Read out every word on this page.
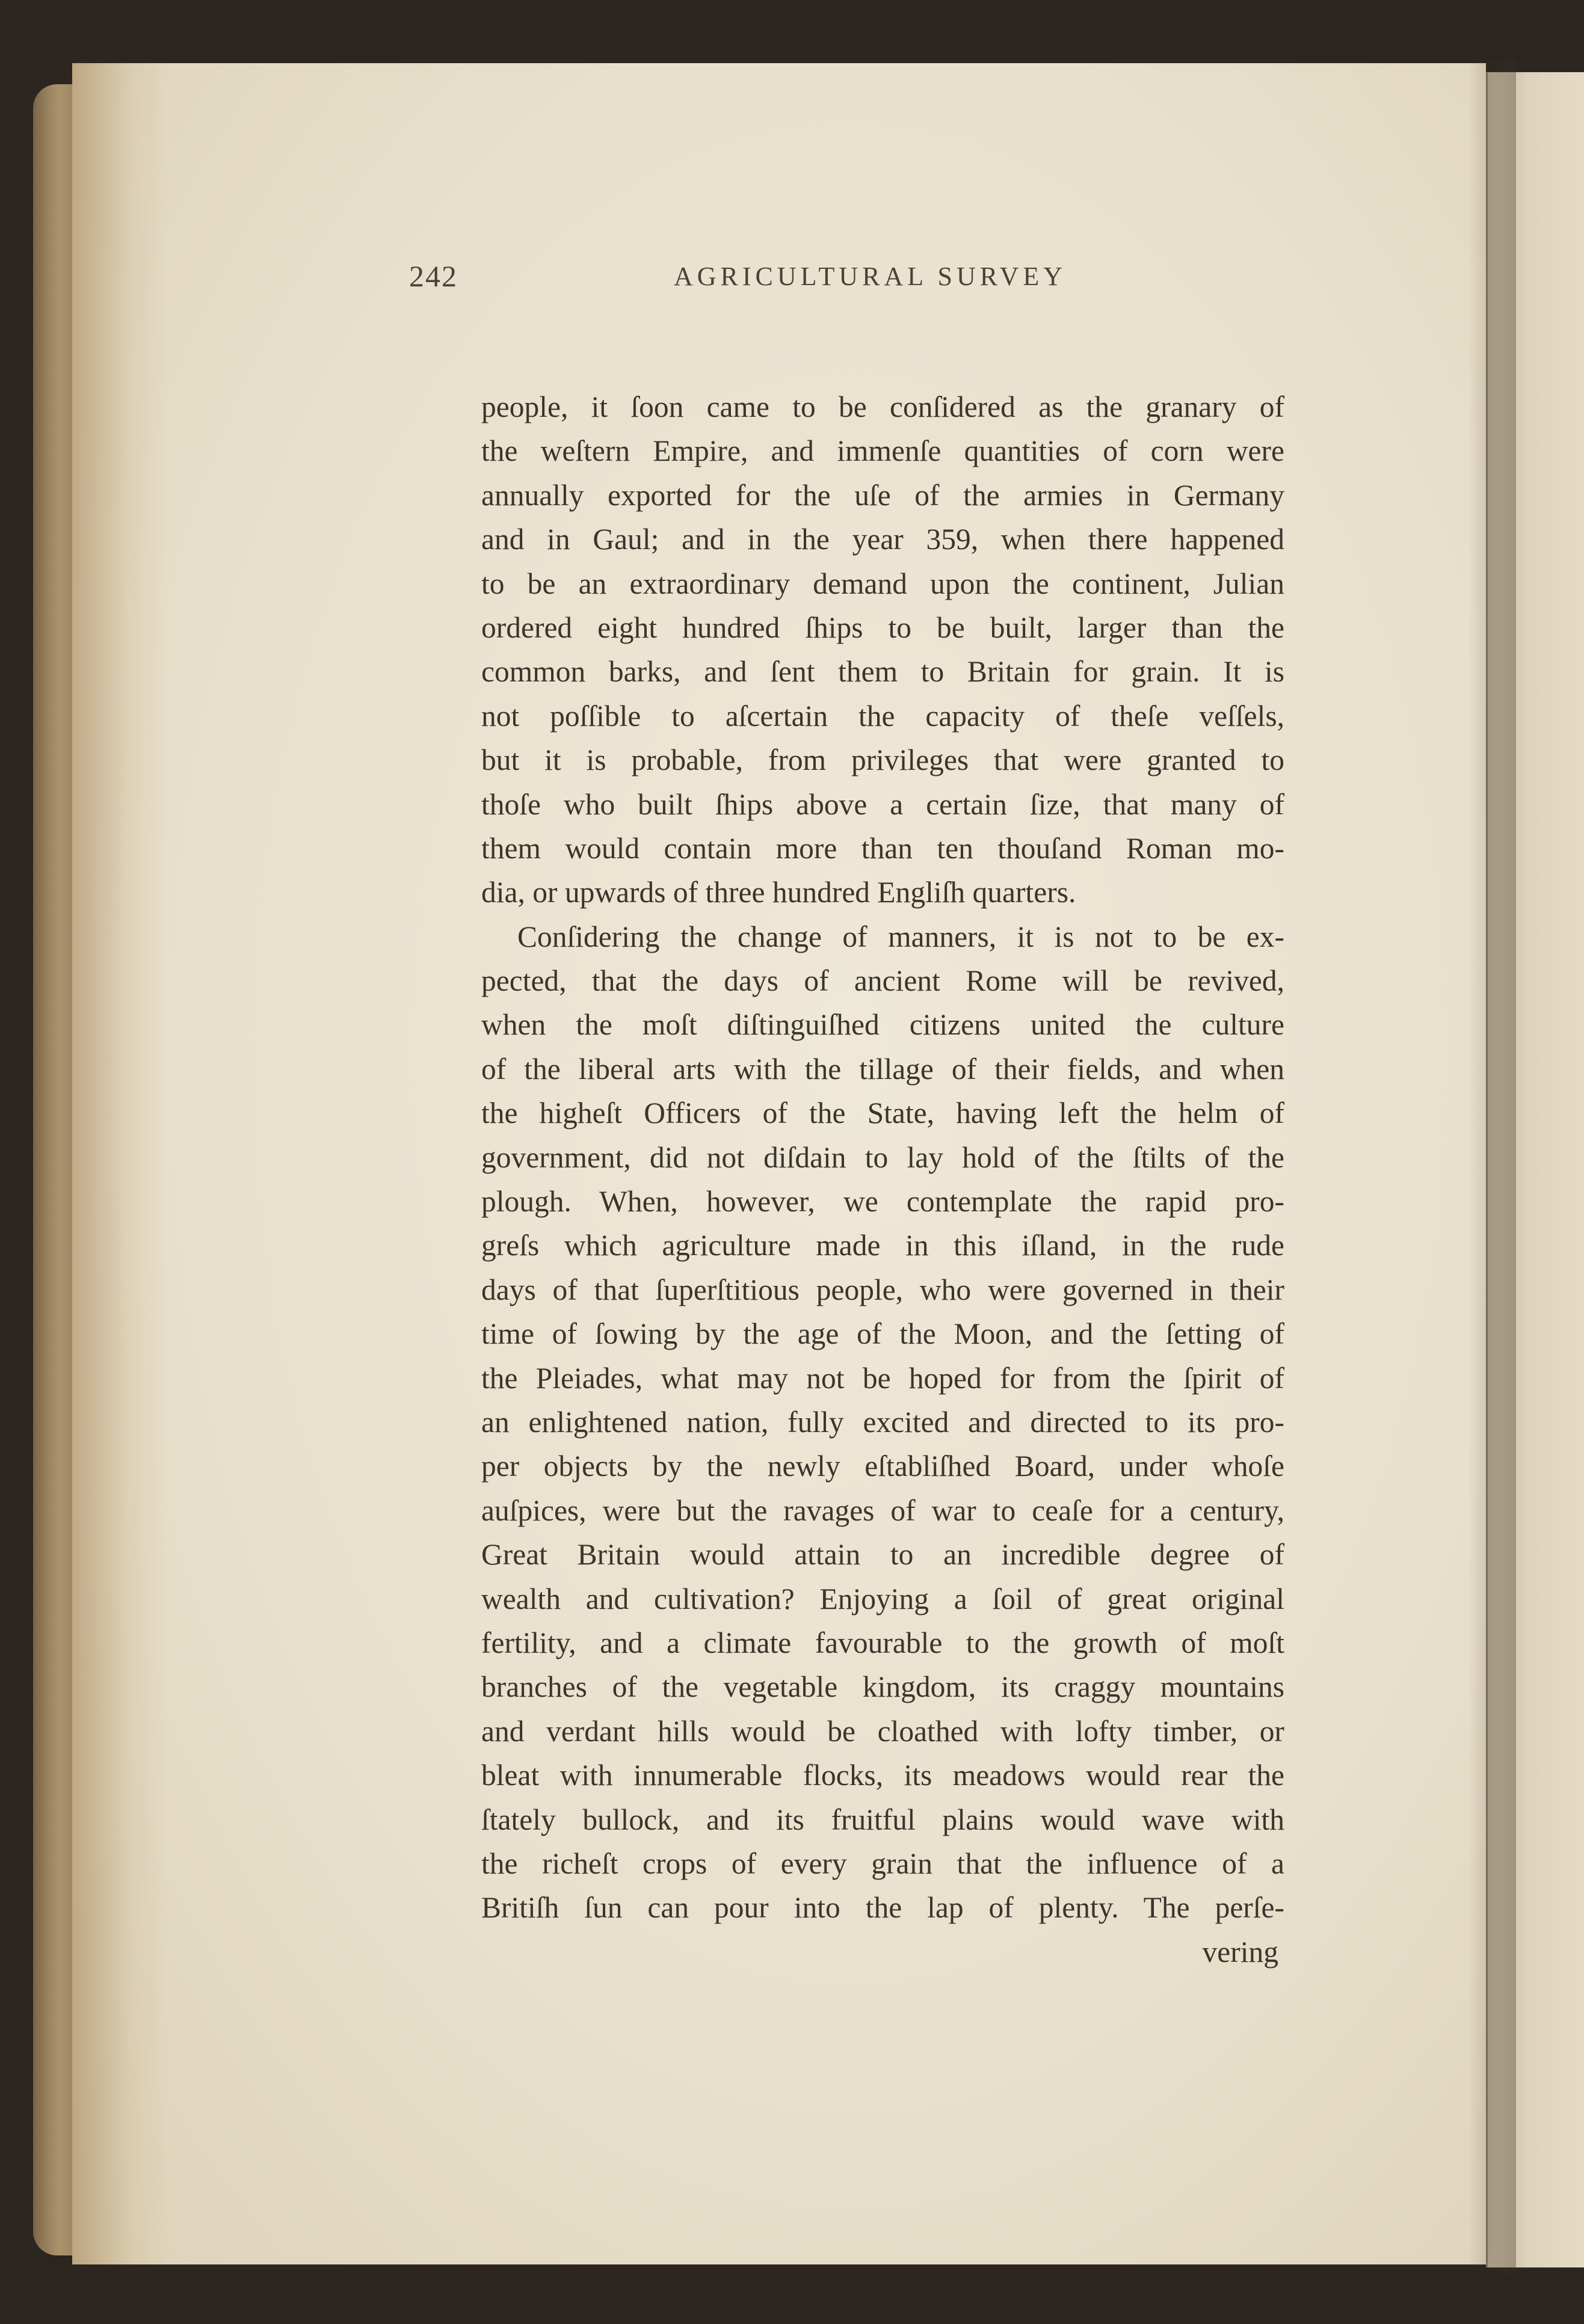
242	AGRICULTURAL SURVEY
people, it ſoon came to be conſidered as the granary of
the weſtern Empire, and immenſe quantities of corn were
annually exported for the uſe of the armies in Germany
and in Gaul; and in the year 359, when there happened
to be an extraordinary demand upon the continent, Julian
ordered eight hundred ſhips to be built, larger than the
common barks, and ſent them to Britain for grain. It is
not poſſible to aſcertain the capacity of theſe veſſels,
but it is probable, from privileges that were granted to
thoſe who built ſhips above a certain ſize, that many of
them would contain more than ten thouſand Roman mo-
dia, or upwards of three hundred Engliſh quarters.
Conſidering the change of manners, it is not to be ex-
pected, that the days of ancient Rome will be revived,
when the moſt diſtinguiſhed citizens united the culture
of the liberal arts with the tillage of their fields, and when
the higheſt Officers of the State, having left the helm of
government, did not diſdain to lay hold of the ſtilts of the
plough. When, however, we contemplate the rapid pro-
greſs which agriculture made in this iſland, in the rude
days of that ſuperſtitious people, who were governed in their
time of ſowing by the age of the Moon, and the ſetting of
the Pleiades, what may not be hoped for from the ſpirit of
an enlightened nation, fully excited and directed to its pro-
per objects by the newly eſtabliſhed Board, under whoſe
auſpices, were but the ravages of war to ceaſe for a century,
Great Britain would attain to an incredible degree of
wealth and cultivation? Enjoying a ſoil of great original
fertility, and a climate favourable to the growth of moſt
branches of the vegetable kingdom, its craggy mountains
and verdant hills would be cloathed with lofty timber, or
bleat with innumerable flocks, its meadows would rear the
ſtately bullock, and its fruitful plains would wave with
the richeſt crops of every grain that the influence of a
Britiſh ſun can pour into the lap of plenty. The perſe-
vering
